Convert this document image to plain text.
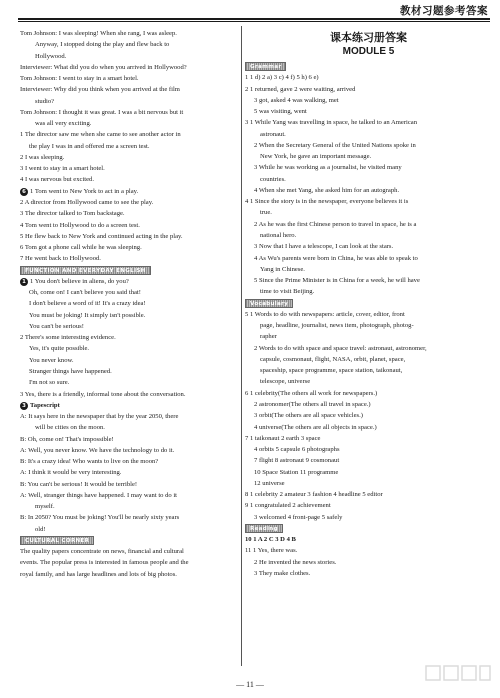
教材习题参考答案
Tom Johnson: I was sleeping! When she rang, I was asleep.
Anyway, I stopped doing the play and flew back to
Hollywood.
Interviewer: What did you do when you arrived in Hollywood?
Tom Johnson: I went to stay in a smart hotel.
Interviewer: Why did you think when you arrived at the film
studio?
Tom Johnson: I thought it was great. I was a bit nervous but it
was all very exciting.
1 The director saw me when she came to see another actor in
the play I was in and offered me a screen test.
2 I was sleeping.
3 I went to stay in a smart hotel.
4 I was nervous but excited.
6 1 Tom went to New York to act in a play.
2 A director from Hollywood came to see the play.
3 The director talked to Tom backstage.
4 Tom went to Hollywood to do a screen test.
5 He flew back to New York and continued acting in the play.
6 Tom got a phone call while he was sleeping.
7 He went back to Hollywood.
FUNCTION AND EVERYDAY ENGLISH
1 1 You don't believe in aliens, do you?
Oh, come on! I can't believe you said that!
I don't believe a word of it! It's a crazy idea!
You must be joking! It simply isn't possible.
You can't be serious!
2 There's some interesting evidence.
Yes, it's quite possible.
You never know.
Stranger things have happened.
I'm not so sure.
3 Yes, there is a friendly, informal tone about the conversation.
3 Tapescript
A: It says here in the newspaper that by the year 2050, there
will be cities on the moon.
B: Oh, come on! That's impossible!
A: Well, you never know. We have the technology to do it.
B: It's a crazy idea! Who wants to live on the moon?
A: I think it would be very interesting.
B: You can't be serious! It would be terrible!
A: Well, stranger things have happened. I may want to do it
myself.
B: In 2050? You must be joking! You'll be nearly sixty years
old!
CULTURAL CORNER
The quality papers concentrate on news, financial and cultural
events. The popular press is interested in famous people and the
royal family, and has large headlines and lots of big photos.
课本练习册答案
MODULE 5
Grammar
1 1 d) 2 a) 3 c) 4 f) 5 h) 6 e)
2 1 returned, gave 2 were waiting, arrived
3 got, asked 4 was walking, met
5 was visiting, went
3 1 While Yang was travelling in space, he talked to an American
astronaut.
2 When the Secretary General of the United Nations spoke in
New York, he gave an important message.
3 While he was working as a journalist, he visited many
countries.
4 When she met Yang, she asked him for an autograph.
4 1 Since the story is in the newspaper, everyone believes it is
true.
2 As he was the first Chinese person to travel in space, he is a
national hero.
3 Now that I have a telescope, I can look at the stars.
4 As Wu's parents were born in China, he was able to speak to
Yang in Chinese.
5 Since the Prime Minister is in China for a week, he will have
time to visit Beijing.
Vocabulary
5 1 Words to do with newspapers: article, cover, editor, front
page, headline, journalist, news item, photograph, photog-
rapher
2 Words to do with space and space travel: astronaut, astronomer,
capsule, cosmonaut, flight, NASA, orbit, planet, space,
spaceship, space programme, space station, taikonaut,
telescope, universe
6 1 celebrity(The others all work for newspapers.)
2 astronomer(The others all travel in space.)
3 orbit(The others are all space vehicles.)
4 universe(The others are all objects in space.)
7 1 taikonaut 2 earth 3 space
4 orbits 5 capsule 6 photographs
7 flight 8 astronaut 9 cosmonaut
10 Space Station 11 programme
12 universe
8 1 celebrity 2 amateur 3 fashion 4 headline 5 editor
9 1 congratulated 2 achievement
3 welcomed 4 front-page 5 safely
Reading
10 1 A 2 C 3 D 4 B
11 1 Yes, there was.
2 He invented the news stories.
3 They make clothes.
— 11 —
